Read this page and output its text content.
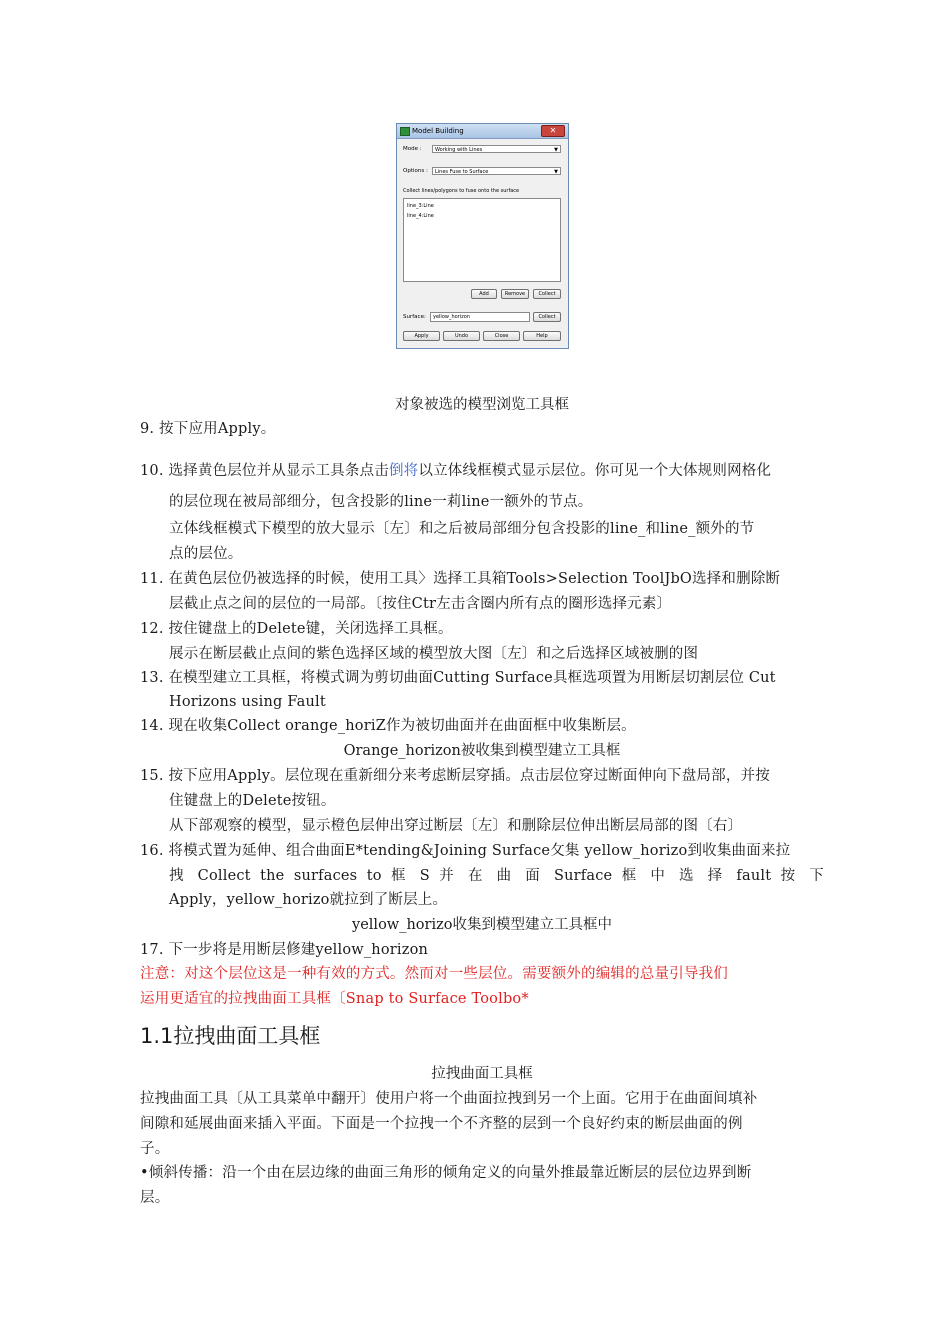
Model Building	✕
Mode :	Working with Lines	▼
Options :	Lines Fuse to Surface	▼
Collect lines/polygons to fuse onto the surface
line_3:Line
line_4:Line
Add	Remove	Collect
Surface:	yellow_horizon	Collect
Apply	Undo	Close	Help
对象被选的模型浏览工具框
9. 按下应用Apply。
10. 选择黄色层位并从显示工具条点击倒将以立体线框模式显示层位。你可见一个大体规则网格化
的层位现在被局部细分，包含投影的line一莉line一额外的节点。
立体线框模式下模型的放大显示〔左〕和之后被局部细分包含投影的line_和line_额外的节
点的层位。
11. 在黄色层位仍被选择的时候，使用工具〉选择工具箱Tools>Selection ToolJbO选择和删除断
层截止点之间的层位的一局部。〔按住Ctr左击含圈内所有点的圈形选择元素〕
12. 按住键盘上的Delete键，关闭选择工具框。
展示在断层截止点间的紫色选择区域的模型放大图〔左〕和之后选择区域被删的图
13. 在模型建立工具框，将模式调为剪切曲面Cutting Surface具框选项置为用断层切割层位 Cut
Horizons using Fault
14. 现在收集Collect orange_horiZ作为被切曲面并在曲面框中收集断层。
Orange_horizon被收集到模型建立工具框
15. 按下应用Apply。层位现在重新细分来考虑断层穿插。点击层位穿过断面伸向下盘局部，并按
住键盘上的Delete按钮。
从下部观察的模型，显示橙色层伸出穿过断层〔左〕和删除层位伸出断层局部的图〔右〕
16. 将模式置为延伸、组合曲面E*tending&Joining Surface攵集 yellow_horizo到收集曲面来拉
拽 Collect the surfaces to 框 S 并 在 曲 面 Surface 框 中 选 择 fault 按 下
Apply，yellow_horizo就拉到了断层上。
yellow_horizo收集到模型建立工具框中
17. 下一步将是用断层修建yellow_horizon
注意：对这个层位这是一种有效的方式。然而对一些层位。需要额外的编辑的总量引导我们
运用更适宜的拉拽曲面工具框〔Snap to Surface Toolbo*
1.1拉拽曲面工具框
拉拽曲面工具框
拉拽曲面工具〔从工具菜单中翻开〕使用户将一个曲面拉拽到另一个上面。它用于在曲面间填补
间隙和延展曲面来插入平面。下面是一个拉拽一个不齐整的层到一个良好约束的断层曲面的例
子。
•倾斜传播：沿一个由在层边缘的曲面三角形的倾角定义的向量外推最靠近断层的层位边界到断
层。
